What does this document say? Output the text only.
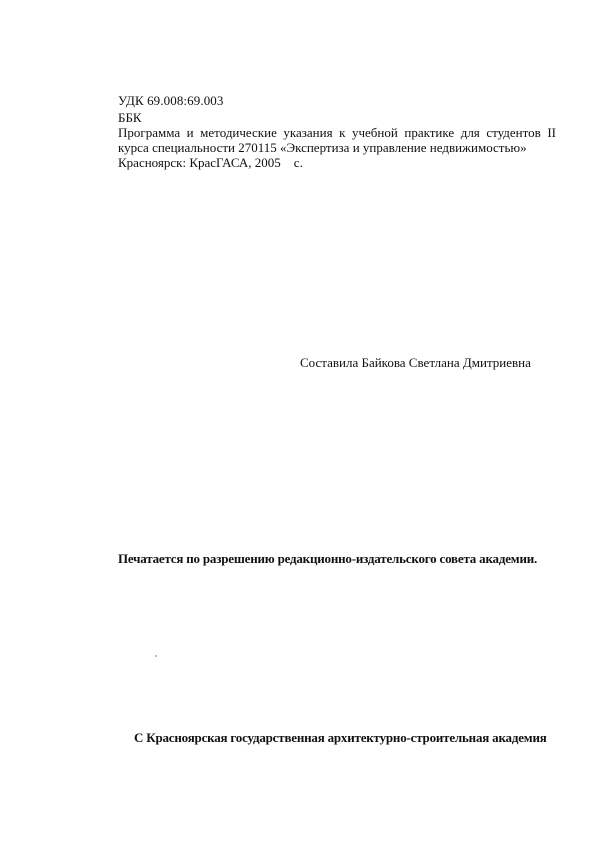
УДК 69.008:69.003
ББК
Программа и методические указания к учебной практике для студентов II
курса специальности 270115 «Экспертиза и управление недвижимостью»
Красноярск: КрасГАСА, 2005    с.
Составила Байкова Светлана Дмитриевна
Печатается по разрешению редакционно-издательского совета академии.
С Красноярская государственная архитектурно-строительная академия
